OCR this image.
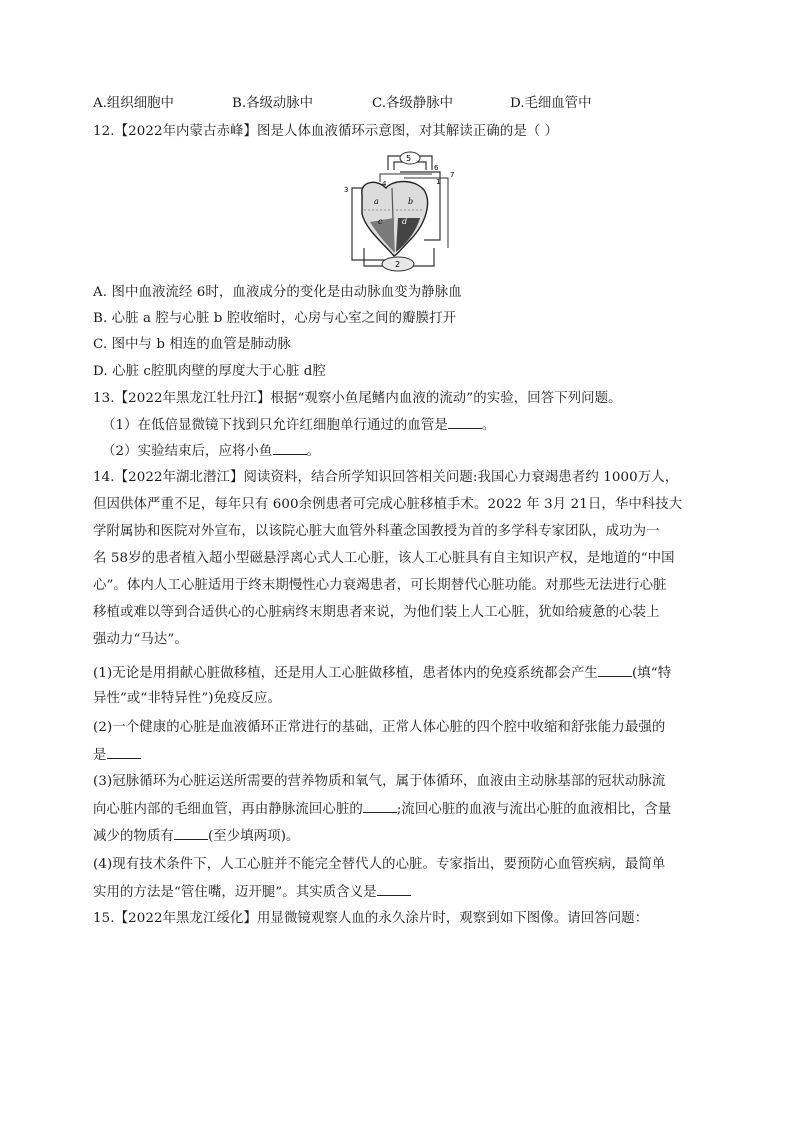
A.组织细胞中	B.各级动脉中	C.各级静脉中	D.毛细血管中
12.【2022年内蒙古赤峰】图是人体血液循环示意图，对其解读正确的是（ ）
5
6
7
4
3
1
a	b
c d
2
A. 图中血液流经 6时，血液成分的变化是由动脉血变为静脉血
B. 心脏 a 腔与心脏 b 腔收缩时，心房与心室之间的瓣膜打开
C. 图中与 b 相连的血管是肺动脉
D. 心脏 c腔肌肉壁的厚度大于心脏 d腔
13.【2022年黑龙江牡丹江】根据“观察小鱼尾鳍内血液的流动”的实验，回答下列问题。
（1）在低倍显微镜下找到只允许红细胞单行通过的血管是	。
（2）实验结束后，应将小鱼	。
14.【2022年湖北潜江】阅读资料，结合所学知识回答相关问题:我国心力衰竭患者约 1000万人，
但因供体严重不足，每年只有 600余例患者可完成心脏移植手术。2022 年 3月 21日，华中科技大
学附属协和医院对外宣布，以该院心脏大血管外科董念国教授为首的多学科专家团队，成功为一
名 58岁的患者植入超小型磁悬浮离心式人工心脏，该人工心脏具有自主知识产权，是地道的“中国
心”。体内人工心脏适用于终末期慢性心力衰竭患者，可长期替代心脏功能。对那些无法进行心脏
移植或难以等到合适供心的心脏病终末期患者来说，为他们装上人工心脏，犹如给疲惫的心装上
强动力“马达”。
(1)无论是用捐献心脏做移植，还是用人工心脏做移植，患者体内的免疫系统都会产生	(填“特
异性”或“非特异性”)免疫反应。
(2)一个健康的心脏是血液循环正常进行的基础，正常人体心脏的四个腔中收缩和舒张能力最强的
是
(3)冠脉循环为心脏运送所需要的营养物质和氧气，属于体循环，血液由主动脉基部的冠状动脉流
向心脏内部的毛细血管，再由静脉流回心脏的	;流回心脏的血液与流出心脏的血液相比，含量
减少的物质有	(至少填两项)。
(4)现有技术条件下，人工心脏并不能完全替代人的心脏。专家指出，要预防心血管疾病，最简单
实用的方法是“管住嘴，迈开腿”。其实质含义是
15.【2022年黑龙江绥化】用显微镜观察人血的永久涂片时，观察到如下图像。请回答问题：
